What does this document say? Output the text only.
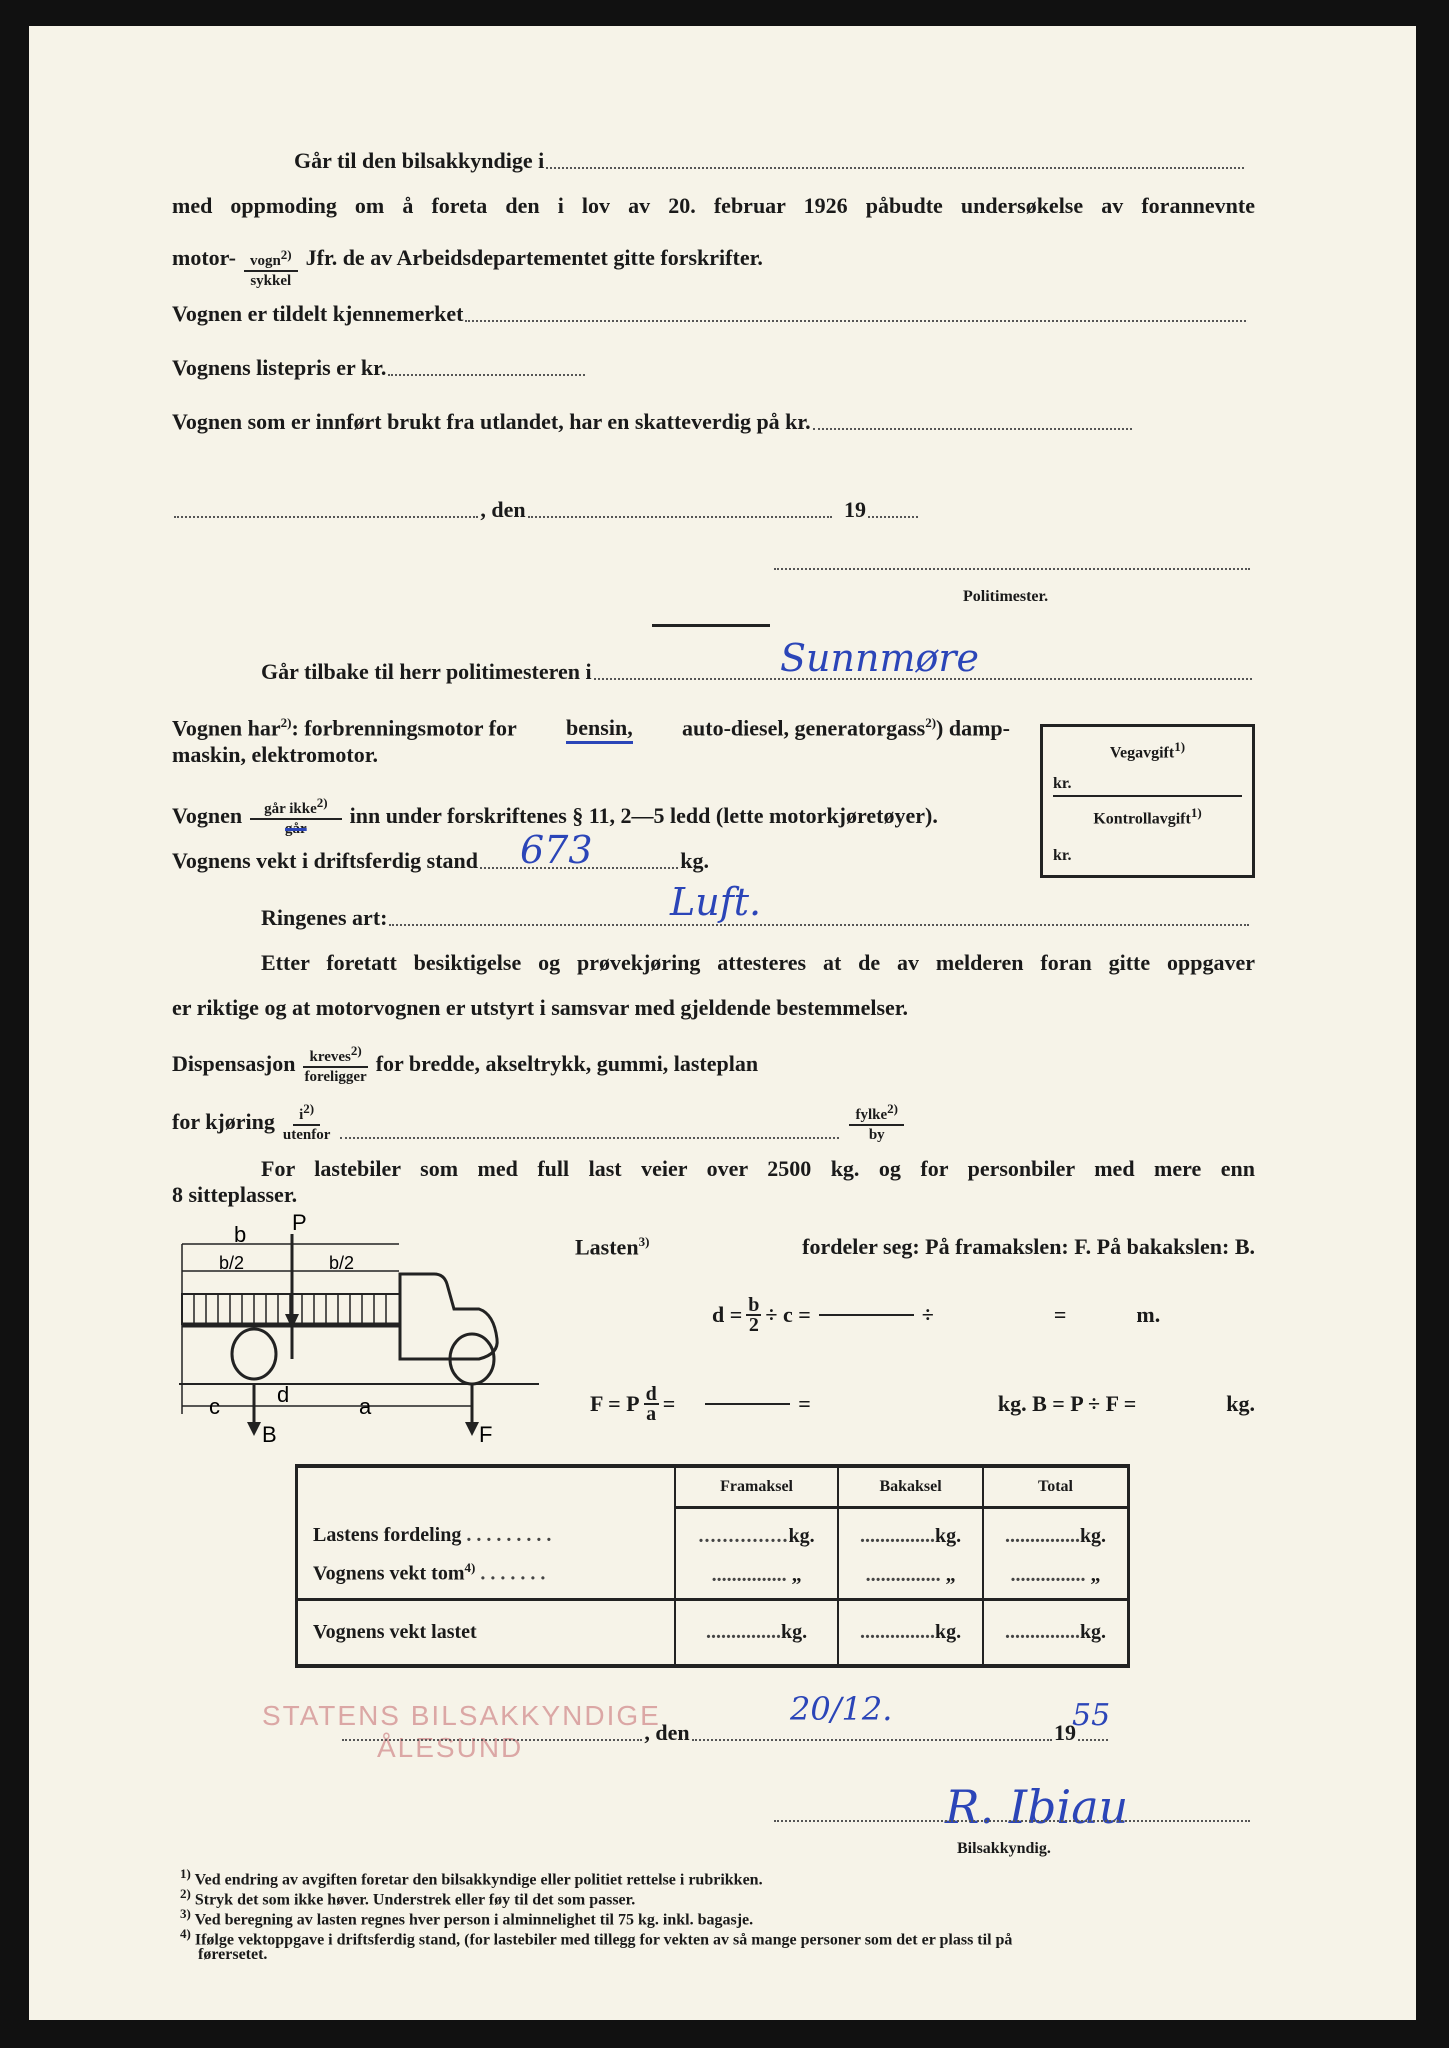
Går til den bilsakkyndige i
med oppmoding om å foreta den i lov av 20. februar 1926 påbudte undersøkelse av forannevnte
motor- $\frac{vogn^{2)}}{\text{sykkel}}$ Jfr. de av Arbeidsdepartementet gitte forskrifter.
Vognen er tildelt kjennemerket
Vognens listepris er kr.
Vognen som er innført brukt fra utlandet, har en skatteverdig på kr.
, den	19
Politimester.
Går tilbake til herr politimesteren i	Sunnmøre
Vognen har$^{2)}$: forbrenningsmotor for bensin, auto-diesel, generatorgass$^{2)}$) damp-
maskin, elektromotor.
Vognen $\frac{går ikke^{2)}}{\text{går}}$ inn under forskriftenes § 11, 2—5 ledd (lette motorkjøretøyer).
Vognens vekt i driftsferdig stand	kg.
673
Ringenes art:	Luft.
Etter foretatt besiktigelse og prøvekjøring attesteres at de av melderen foran gitte oppgaver
er riktige og at motorvognen er utstyrt i samsvar med gjeldende bestemmelser.
Dispensasjon $\frac{kreves^{2)}}{\text{foreligger}}$ for bredde, akseltrykk, gummi, lasteplan
for kjøring $\frac{i^{2)}}{\text{utenfor}}$	$\frac{fylke^{2)}}{by}$
For lastebiler som med full last veier over 2500 kg. og for personbiler med mere enn
8 sitteplasser.
Vegavgift$^{1)}$
kr.
Kontrollavgift$^{1)}$
kr.
P
b
b/2	b/2
d
c	a
B	F
Lasten$^{3)}$	fordeler seg: På framakslen: F. På bakakslen: B.
$d = \frac{b}{2} \div c$ =	÷	=	m.
F = P $\frac{d}{a}$ =	=	kg. B = P ÷ F =	kg.
	Framaksel	Bakaksel	Total
Lastens fordeling .........	...............kg.	...............kg.	...............kg.
Vognens vekt tom$^{4)}$ .......	............... „	............... „	............... „
Vognens vekt lastet	...............kg.	...............kg.	...............kg.
STATENS BILSAKKYNDIGE
ÅLESUND	, den	19
20/12.	55
R. Ibiau
Bilsakkyndig.
$^{1)}$ Ved endring av avgiften foretar den bilsakkyndige eller politiet rettelse i rubrikken.
$^{2)}$ Stryk det som ikke høver. Understrek eller føy til det som passer.
$^{3)}$ Ved beregning av lasten regnes hver person i alminnelighet til 75 kg. inkl. bagasje.
$^{4)}$ Ifølge vektoppgave i driftsferdig stand, (for lastebiler med tillegg for vekten av så mange personer som det er plass til på
førersetet.
